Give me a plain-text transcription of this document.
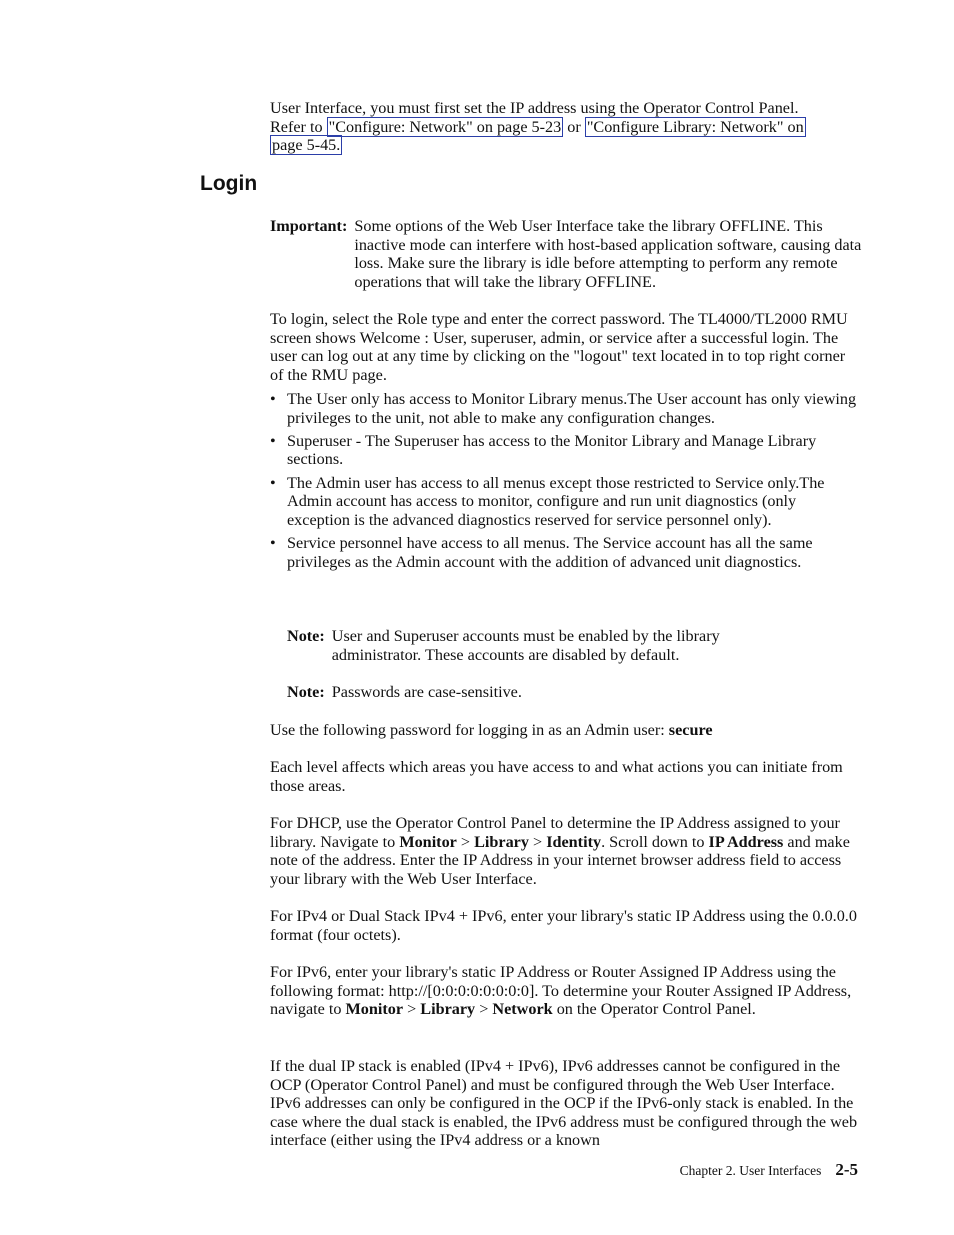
User Interface, you must first set the IP address using the Operator Control Panel.
Refer to "Configure: Network" on page 5-23 or "Configure Library: Network" on
page 5-45.

Login
Important: Some options of the Web User Interface take the library OFFLINE. This inactive mode can interfere with host-based application software, causing data loss. Make sure the library is idle before attempting to perform any remote operations that will take the library OFFLINE.

To login, select the Role type and enter the correct password. The TL4000/TL2000 RMU screen shows Welcome : User, superuser, admin, or service after a successful login. The user can log out at any time by clicking on the "logout" text located in to top right corner of the RMU page.

• The User only has access to Monitor Library menus.The User account has only viewing privileges to the unit, not able to make any configuration changes.
• Superuser - The Superuser has access to the Monitor Library and Manage Library sections.
• The Admin user has access to all menus except those restricted to Service only.The Admin account has access to monitor, configure and run unit diagnostics (only exception is the advanced diagnostics reserved for service personnel only).
• Service personnel have access to all menus. The Service account has all the same privileges as the Admin account with the addition of advanced unit diagnostics.
Note: User and Superuser accounts must be enabled by the library administrator. These accounts are disabled by default.
Note: Passwords are case-sensitive.

Use the following password for logging in as an Admin user: secure

Each level affects which areas you have access to and what actions you can initiate from those areas.

For DHCP, use the Operator Control Panel to determine the IP Address assigned to your library. Navigate to Monitor > Library > Identity. Scroll down to IP Address and make note of the address. Enter the IP Address in your internet browser address field to access your library with the Web User Interface.

For IPv4 or Dual Stack IPv4 + IPv6, enter your library's static IP Address using the 0.0.0.0 format (four octets).

For IPv6, enter your library's static IP Address or Router Assigned IP Address using the following format: http://[0:0:0:0:0:0:0:0]. To determine your Router Assigned IP Address, navigate to Monitor > Library > Network on the Operator Control Panel.

If the dual IP stack is enabled (IPv4 + IPv6), IPv6 addresses cannot be configured in the OCP (Operator Control Panel) and must be configured through the Web User Interface. IPv6 addresses can only be configured in the OCP if the IPv6-only stack is enabled. In the case where the dual stack is enabled, the IPv6 address must be configured through the web interface (either using the IPv4 address or a known

Chapter 2. User Interfaces 2-5
